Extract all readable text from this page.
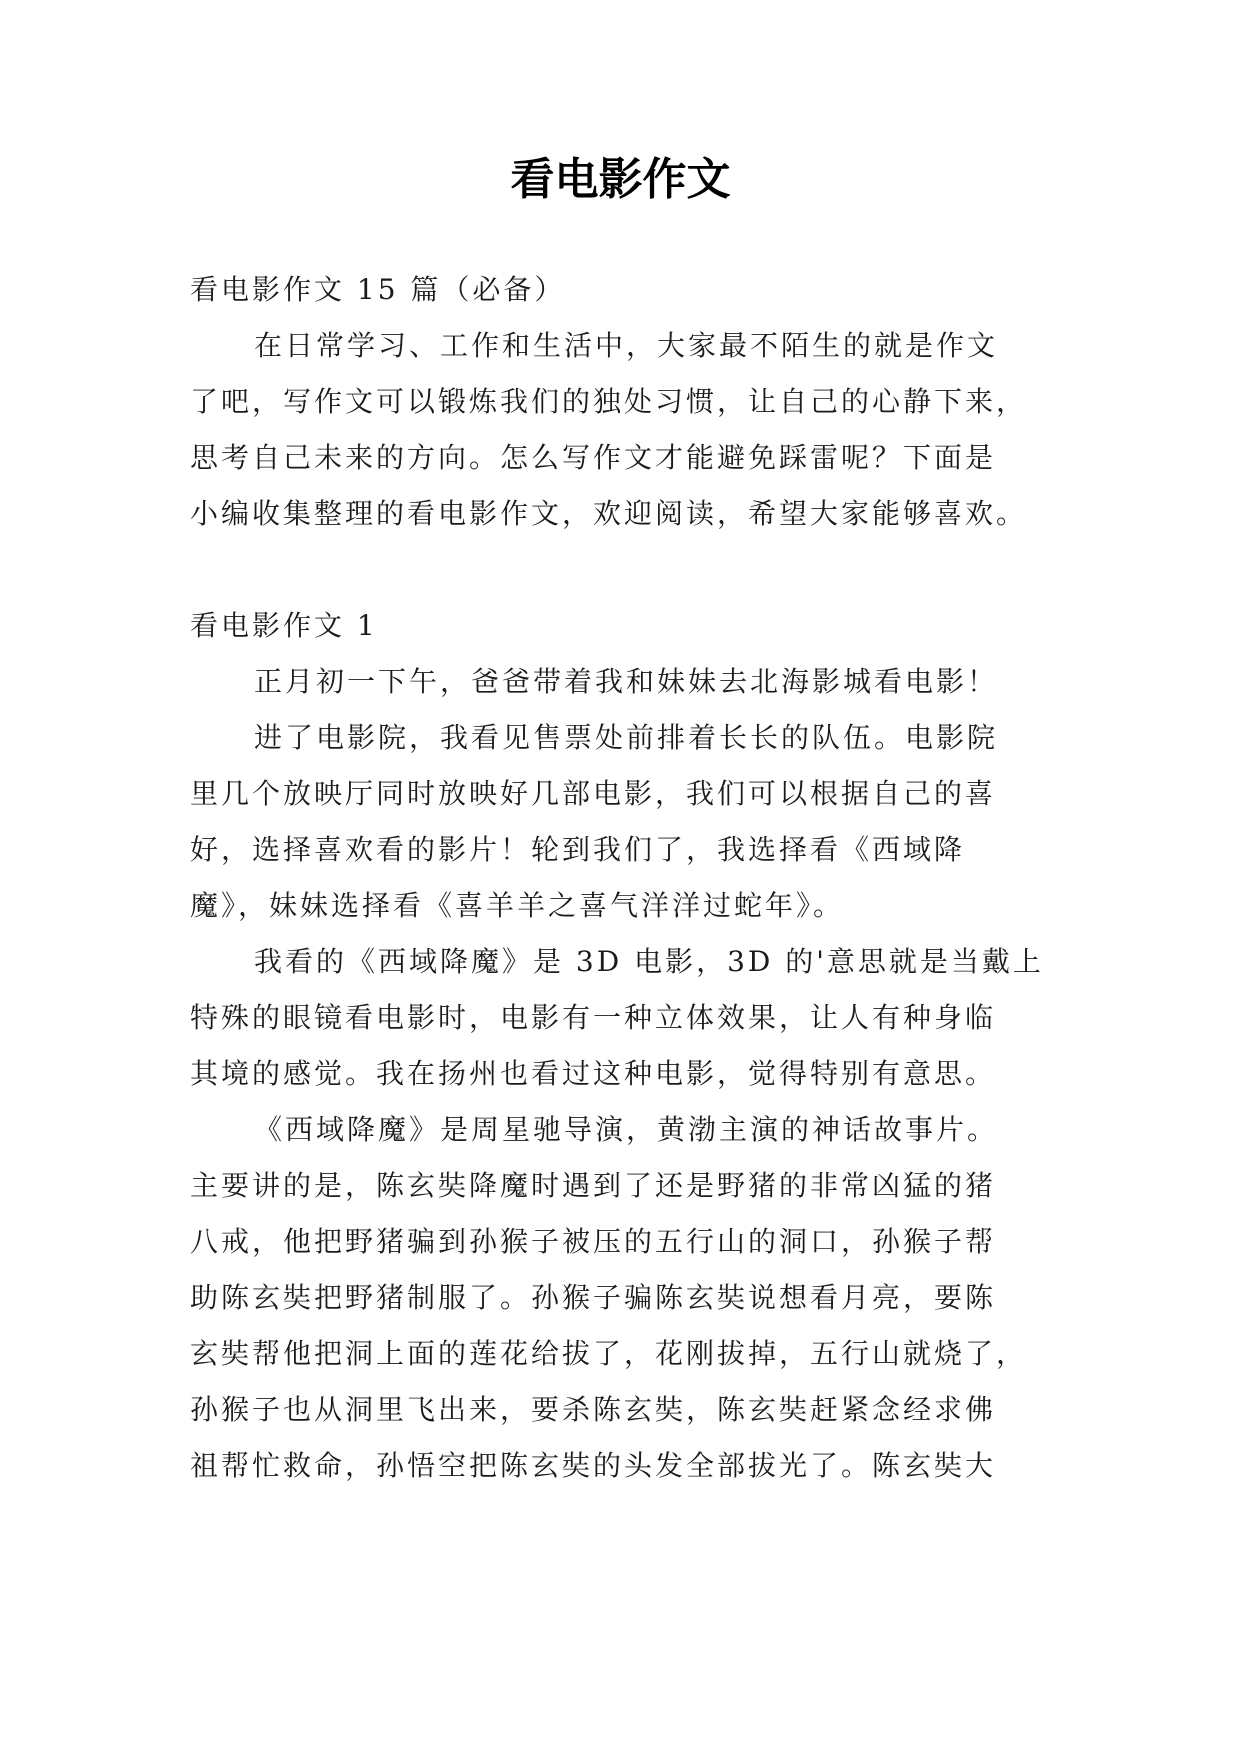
看电影作文
看电影作文 15 篇（必备）
在日常学习、工作和生活中，大家最不陌生的就是作文
了吧，写作文可以锻炼我们的独处习惯，让自己的心静下来，
思考自己未来的方向。怎么写作文才能避免踩雷呢？下面是
小编收集整理的看电影作文，欢迎阅读，希望大家能够喜欢。
看电影作文 1
正月初一下午，爸爸带着我和妹妹去北海影城看电影！
进了电影院，我看见售票处前排着长长的队伍。电影院
里几个放映厅同时放映好几部电影，我们可以根据自己的喜
好，选择喜欢看的影片！轮到我们了，我选择看《西域降
魔》，妹妹选择看《喜羊羊之喜气洋洋过蛇年》。
我看的《西域降魔》是 3D 电影，3D 的'意思就是当戴上
特殊的眼镜看电影时，电影有一种立体效果，让人有种身临
其境的感觉。我在扬州也看过这种电影，觉得特别有意思。
《西域降魔》是周星驰导演，黄渤主演的神话故事片。
主要讲的是，陈玄奘降魔时遇到了还是野猪的非常凶猛的猪
八戒，他把野猪骗到孙猴子被压的五行山的洞口，孙猴子帮
助陈玄奘把野猪制服了。孙猴子骗陈玄奘说想看月亮，要陈
玄奘帮他把洞上面的莲花给拔了，花刚拔掉，五行山就烧了，
孙猴子也从洞里飞出来，要杀陈玄奘，陈玄奘赶紧念经求佛
祖帮忙救命，孙悟空把陈玄奘的头发全部拔光了。陈玄奘大
